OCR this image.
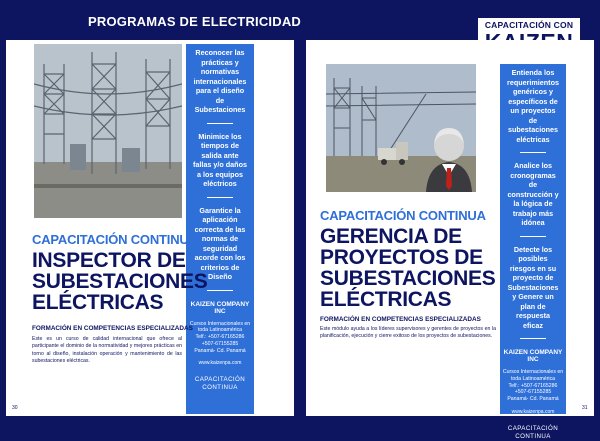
PROGRAMAS DE ELECTRICIDAD	CAPACITACIÓN CON
Reconocer las prácticas y normativas internacionales para el diseño de Subestaciones
Minimice los tiempos de salida ante fallas y/o daños a los equipos eléctricos
Garantice la aplicación correcta de las normas de seguridad acorde con los criterios de Diseño
KAIZEN COMPANY INC
Cursos Internacionales en
toda Latinoamérica
Telf.: +507-67165286
+507-67155285
Panamá- Cd. Panamá
www.kaizenpa.com
CAPACITACIÓN
CONTINUA
CAPACITACIÓN CONTINUA
INSPECTOR DE
SUBESTACIONES
ELÉCTRICAS
FORMACIÓN EN COMPETENCIAS ESPECIALIZADAS
Este es un curso de calidad internacional que ofrece al participante el dominio de la normatividad y mejores prácticas en torno al diseño, instalación operación y mantenimiento de las subestaciones eléctricas.
30
Entienda los requerimientos genéricos y específicos de un proyectos de subestaciones eléctricas
Analice los cronogramas de construcción y la lógica de trabajo más idónea
Detecte los posibles riesgos en su proyecto de Subestaciones y Genere un plan de respuesta eficaz
KAIZEN COMPANY INC
Cursos Internacionales en
toda Latinoamérica
Telf.: +507-67165286
+507-67155285
Panamá- Cd. Panamá
www.kaizenpa.com
CAPACITACIÓN
CONTINUA
CAPACITACIÓN CONTINUA
GERENCIA DE
PROYECTOS DE
SUBESTACIONES
ELÉCTRICAS
FORMACIÓN EN COMPETENCIAS ESPECIALIZADAS
Este módulo ayuda a los líderes supervisores y gerentes de proyectos en la planificación, ejecución y cierre exitoso de los proyectos de subestaciones.
31
